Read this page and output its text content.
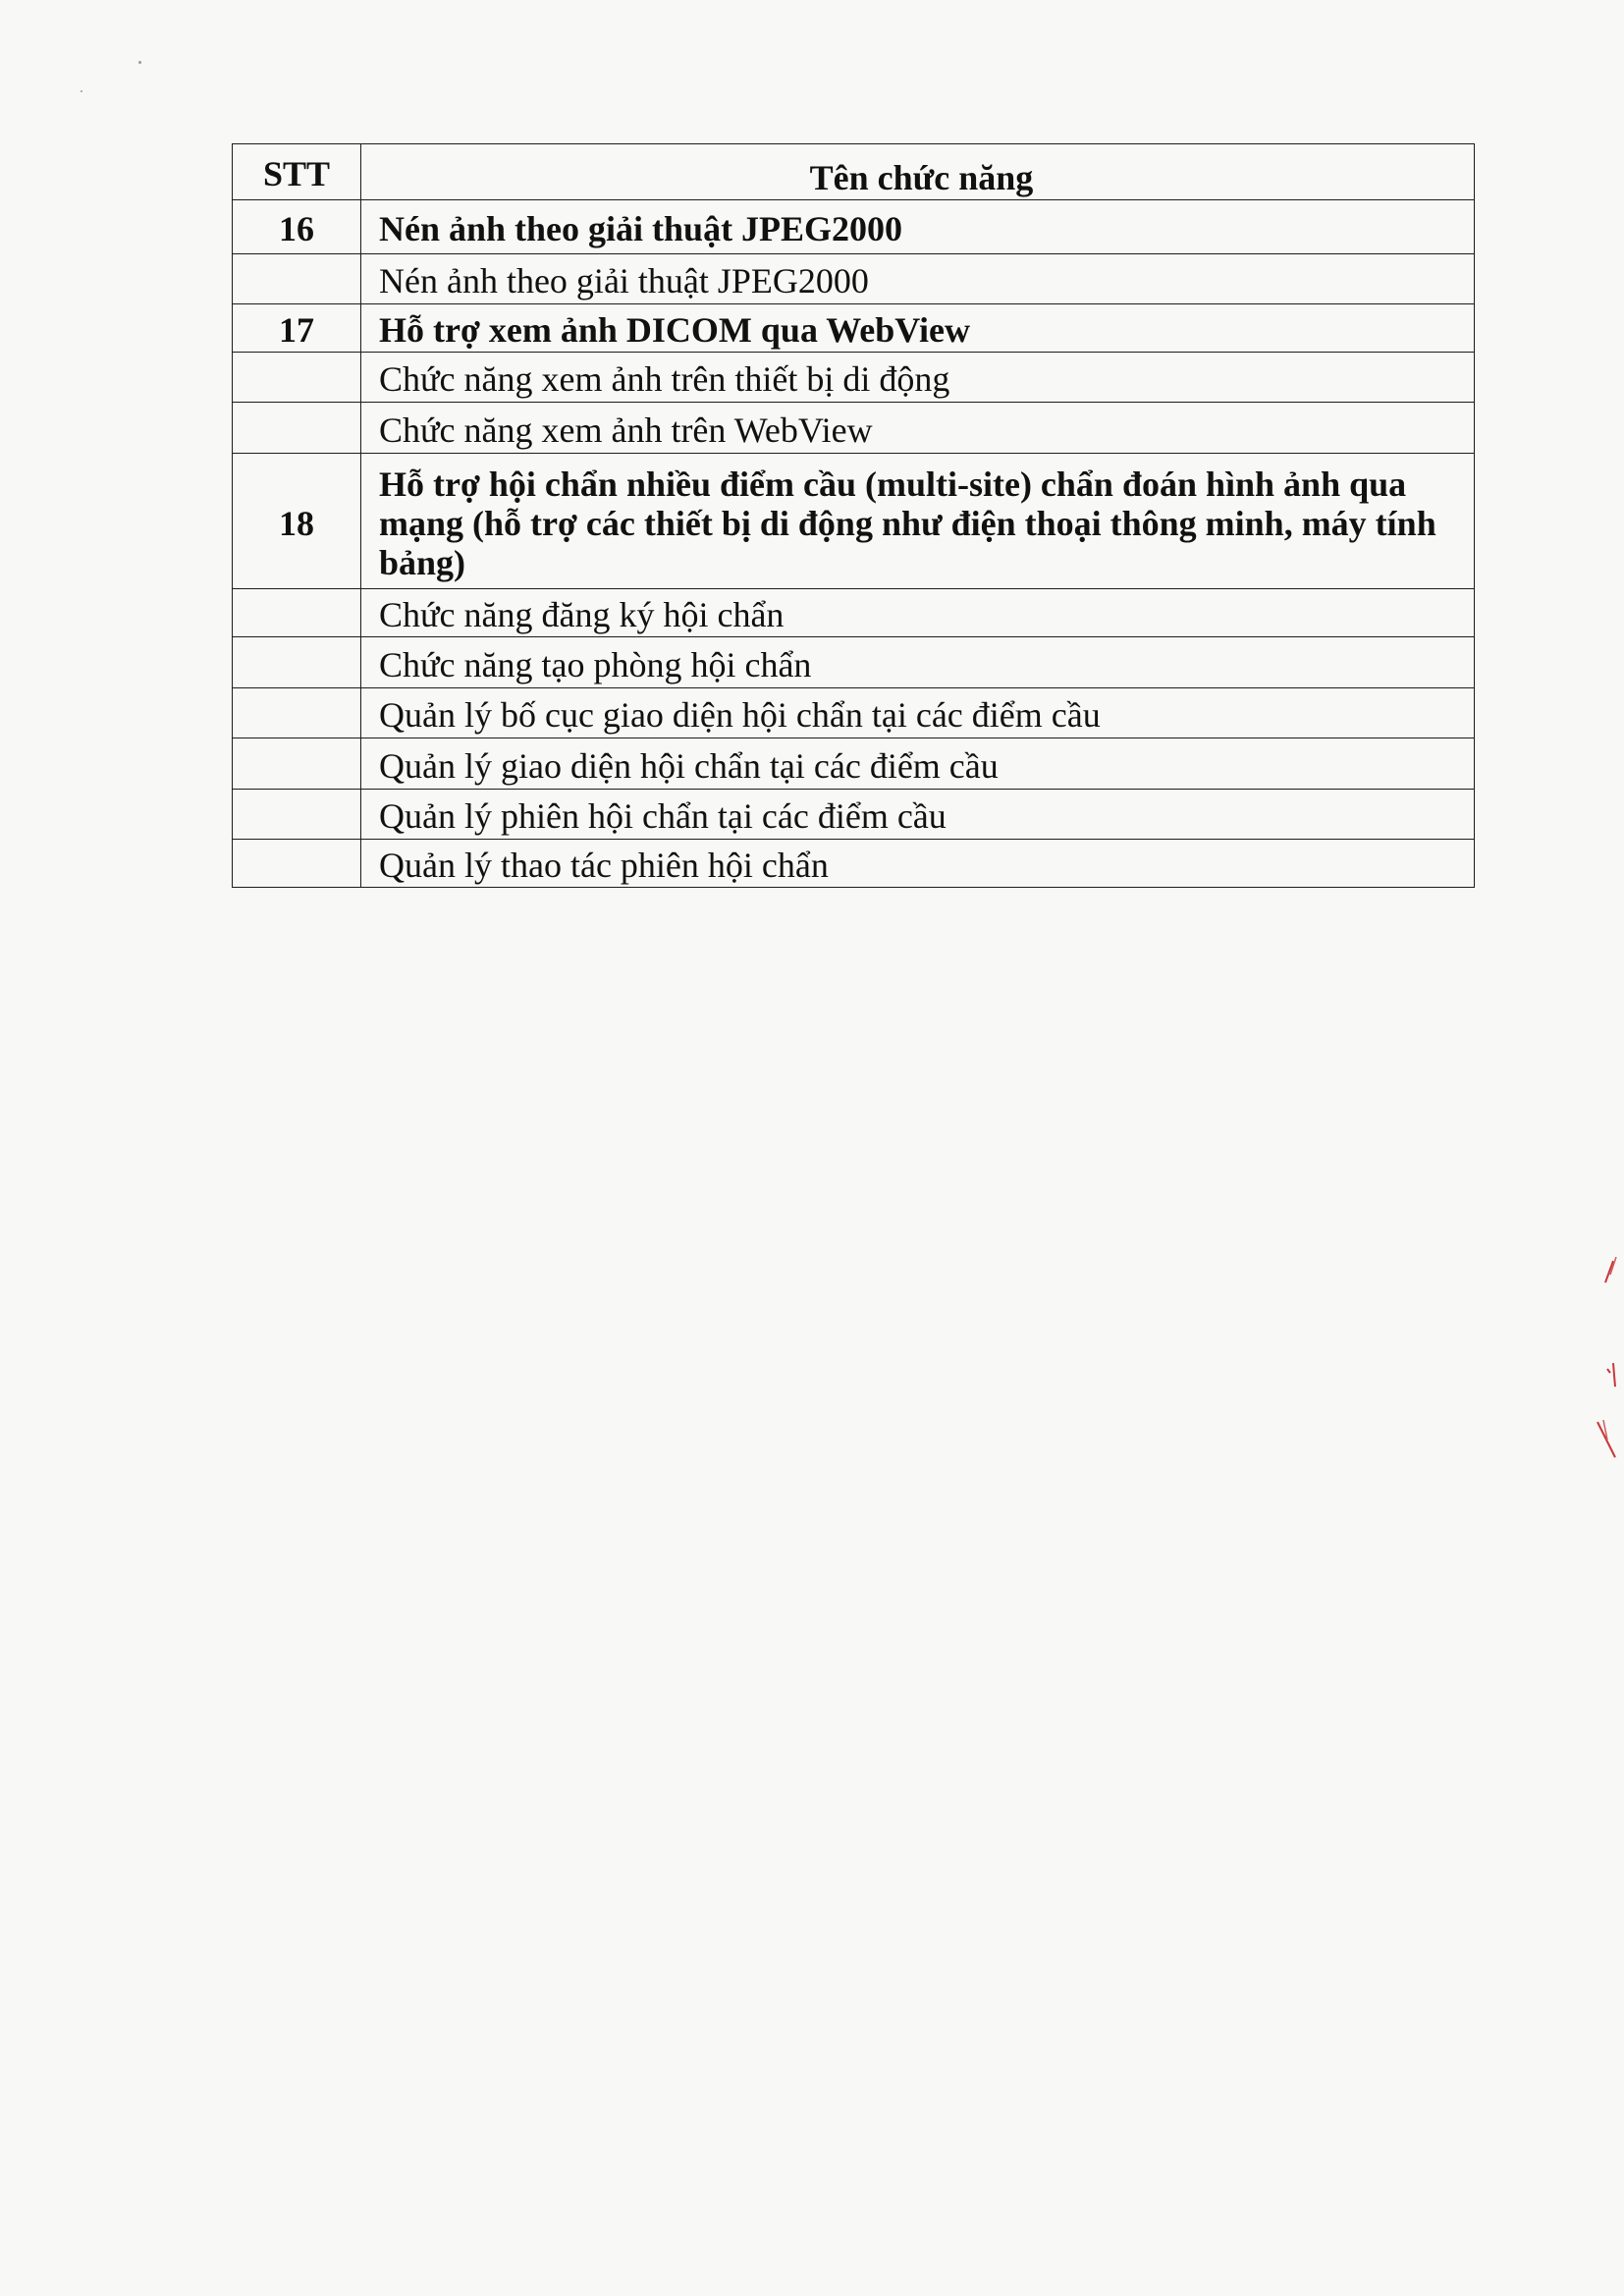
STT	Tên chức năng
16	Nén ảnh theo giải thuật JPEG2000
	Nén ảnh theo giải thuật JPEG2000
17	Hỗ trợ xem ảnh DICOM qua WebView
	Chức năng xem ảnh trên thiết bị di động
	Chức năng xem ảnh trên WebView
18	Hỗ trợ hội chẩn nhiều điểm cầu (multi-site) chẩn đoán hình ảnh qua mạng (hỗ trợ các thiết bị di động như điện thoại thông minh, máy tính bảng)
	Chức năng đăng ký hội chẩn
	Chức năng tạo phòng hội chẩn
	Quản lý bố cục giao diện hội chẩn tại các điểm cầu
	Quản lý giao diện hội chẩn tại các điểm cầu
	Quản lý phiên hội chẩn tại các điểm cầu
	Quản lý thao tác phiên hội chẩn
